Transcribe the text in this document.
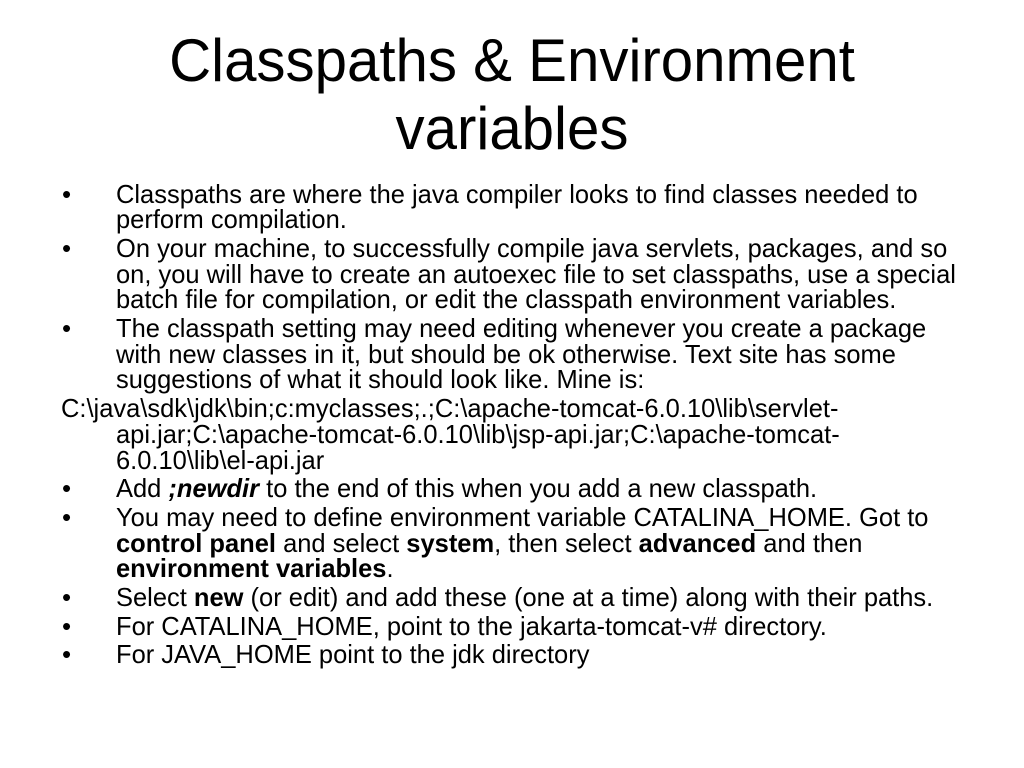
Classpaths & Environment
variables
• Classpaths are where the java compiler looks to find classes needed to
perform compilation.
• On your machine, to successfully compile java servlets, packages, and so
on, you will have to create an autoexec file to set classpaths, use a special
batch file for compilation, or edit the classpath environment variables.
• The classpath setting may need editing whenever you create a package
with new classes in it, but should be ok otherwise. Text site has some
suggestions of what it should look like. Mine is:
C:\java\sdk\jdk\bin;c:myclasses;.;C:\apache-tomcat-6.0.10\lib\servlet-
api.jar;C:\apache-tomcat-6.0.10\lib\jsp-api.jar;C:\apache-tomcat-
6.0.10\lib\el-api.jar
• Add ;newdir to the end of this when you add a new classpath.
• You may need to define environment variable CATALINA_HOME. Got to
control panel and select system, then select advanced and then
environment variables.
• Select new (or edit) and add these (one at a time) along with their paths.
• For CATALINA_HOME, point to the jakarta-tomcat-v# directory.
• For JAVA_HOME point to the jdk directory
